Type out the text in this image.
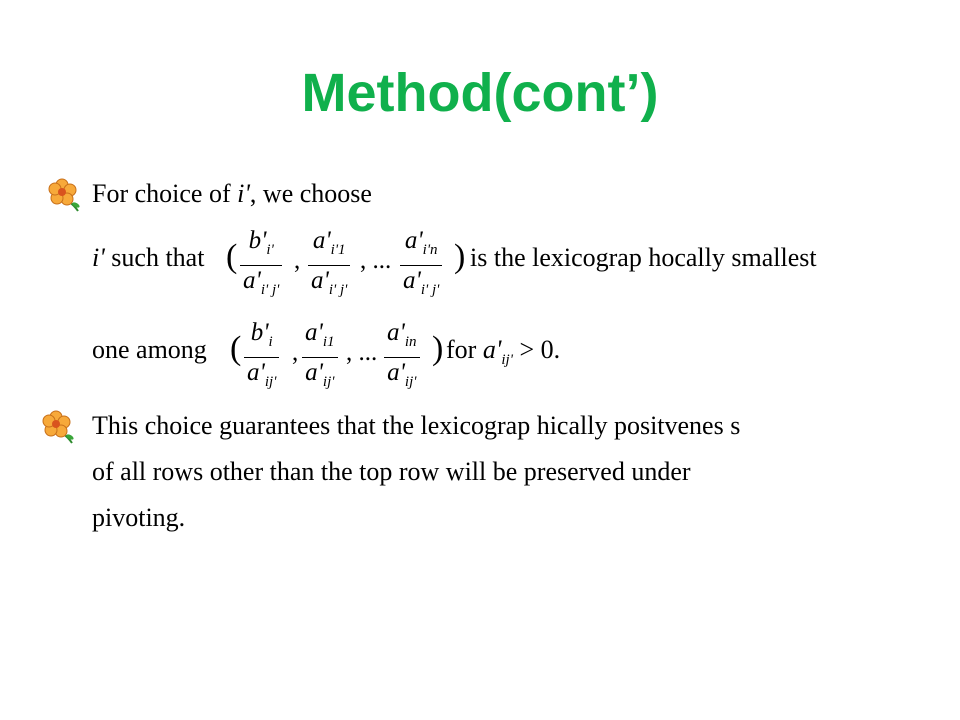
Method(cont’)
For choice of i', we choose
i' such that ( $\frac{b'_{i'}}{a'_{i' j'}}$ , $\frac{a'_{i'1}}{a'_{i' j'}}$ , ... $\frac{a'_{i'n}}{a'_{i' j'}}$ ) is the lexicograp hocally smallest
one among ( $\frac{b'_i}{a'_{ij'}}$ , $\frac{a'_{i1}}{a'_{ij'}}$ , ... $\frac{a'_{in}}{a'_{ij'}}$ ) for $a'_{ij'} > 0$.
This choice guarantees that the lexicograp hically positvenes s
of all rows other than the top row will be preserved under
pivoting.
